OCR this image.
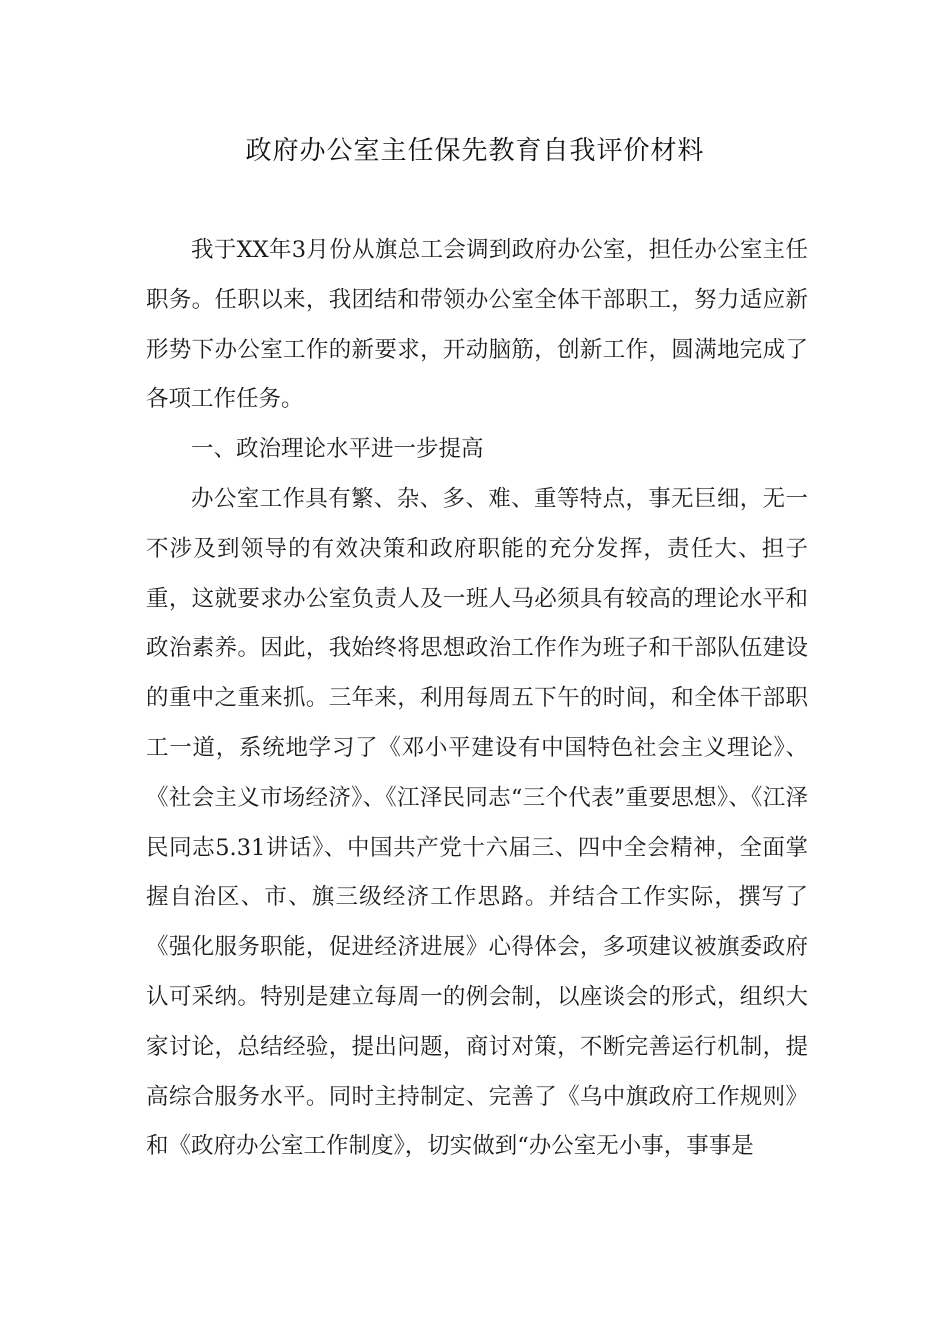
政府办公室主任保先教育自我评价材料

我于XX年3月份从旗总工会调到政府办公室，担任办公室主任职务。任职以来，我团结和带领办公室全体干部职工，努力适应新形势下办公室工作的新要求，开动脑筋，创新工作，圆满地完成了各项工作任务。

一、政治理论水平进一步提高

办公室工作具有繁、杂、多、难、重等特点，事无巨细，无一不涉及到领导的有效决策和政府职能的充分发挥，责任大、担子重，这就要求办公室负责人及一班人马必须具有较高的理论水平和政治素养。因此，我始终将思想政治工作作为班子和干部队伍建设的重中之重来抓。三年来，利用每周五下午的时间，和全体干部职工一道，系统地学习了《邓小平建设有中国特色社会主义理论》、《社会主义市场经济》、《江泽民同志“三个代表”重要思想》、《江泽民同志5.31讲话》、中国共产党十六届三、四中全会精神，全面掌握自治区、市、旗三级经济工作思路。并结合工作实际，撰写了《强化服务职能，促进经济进展》心得体会，多项建议被旗委政府认可采纳。特别是建立每周一的例会制，以座谈会的形式，组织大家讨论，总结经验，提出问题，商讨对策，不断完善运行机制，提高综合服务水平。同时主持制定、完善了《乌中旗政府工作规则》和《政府办公室工作制度》，切实做到“办公室无小事，事事是
